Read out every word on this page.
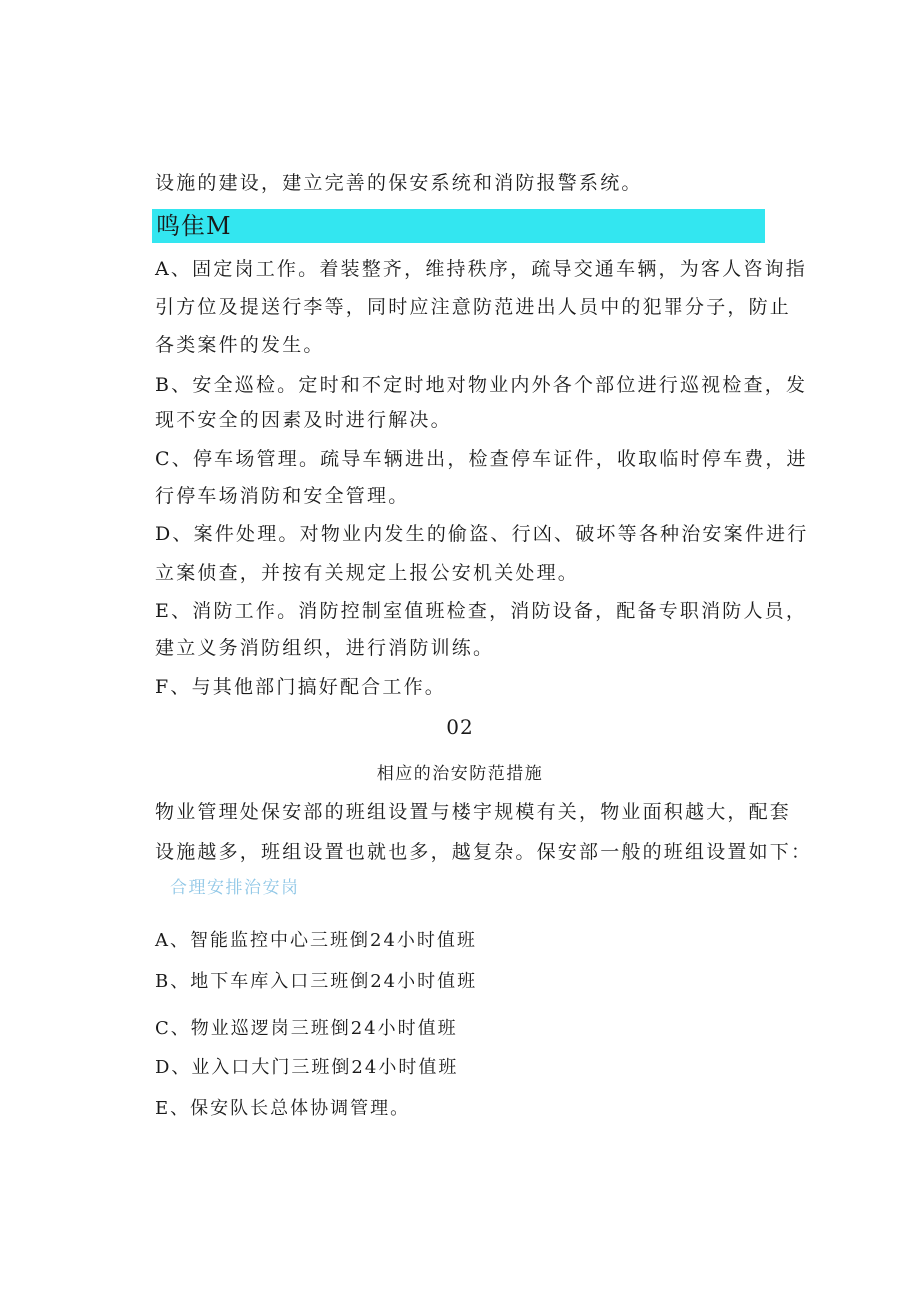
设施的建设，建立完善的保安系统和消防报警系统。
鸣隹M
A、固定岗工作。着装整齐，维持秩序，疏导交通车辆，为客人咨询指
引方位及提送行李等，同时应注意防范进出人员中的犯罪分子，防止
各类案件的发生。
B、安全巡检。定时和不定时地对物业内外各个部位进行巡视检查，发
现不安全的因素及时进行解决。
C、停车场管理。疏导车辆进出，检查停车证件，收取临时停车费，进
行停车场消防和安全管理。
D、案件处理。对物业内发生的偷盗、行凶、破坏等各种治安案件进行
立案侦查，并按有关规定上报公安机关处理。
E、消防工作。消防控制室值班检查，消防设备，配备专职消防人员，
建立义务消防组织，进行消防训练。
F、与其他部门搞好配合工作。
02
相应的治安防范措施
物业管理处保安部的班组设置与楼宇规模有关，物业面积越大，配套
设施越多，班组设置也就也多，越复杂。保安部一般的班组设置如下：
合理安排治安岗
A、智能监控中心三班倒24小时值班
B、地下车库入口三班倒24小时值班
C、物业巡逻岗三班倒24小时值班
D、业入口大门三班倒24小时值班
E、保安队长总体协调管理。
